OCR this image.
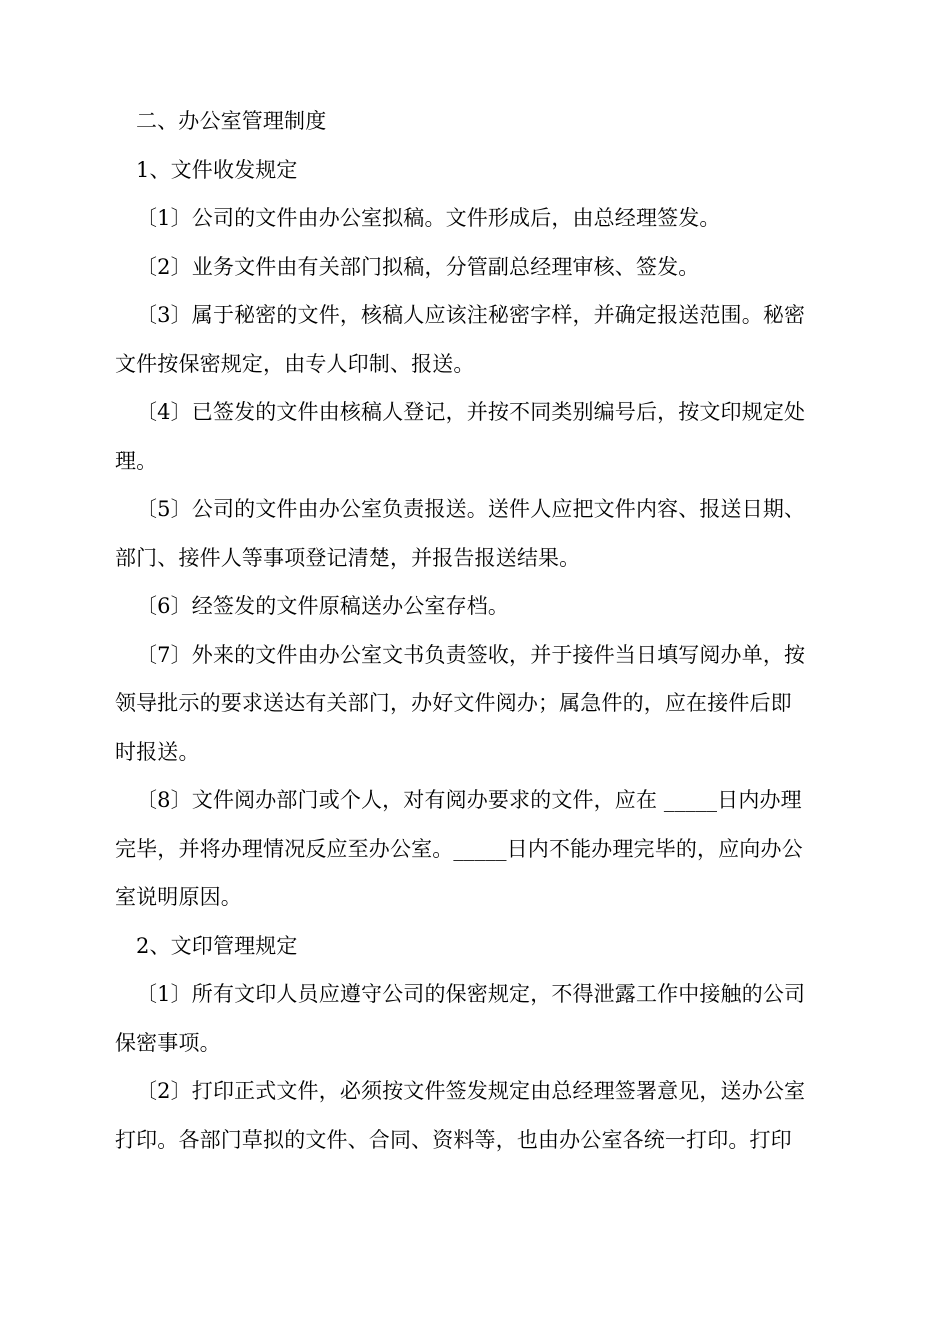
二、办公室管理制度
1、文件收发规定
〔1〕公司的文件由办公室拟稿。文件形成后，由总经理签发。
〔2〕业务文件由有关部门拟稿，分管副总经理审核、签发。
〔3〕属于秘密的文件，核稿人应该注秘密字样，并确定报送范围。秘密
文件按保密规定，由专人印制、报送。
〔4〕已签发的文件由核稿人登记，并按不同类别编号后，按文印规定处
理。
〔5〕公司的文件由办公室负责报送。送件人应把文件内容、报送日期、
部门、接件人等事项登记清楚，并报告报送结果。
〔6〕经签发的文件原稿送办公室存档。
〔7〕外来的文件由办公室文书负责签收，并于接件当日填写阅办单，按
领导批示的要求送达有关部门，办好文件阅办；属急件的，应在接件后即
时报送。
〔8〕文件阅办部门或个人，对有阅办要求的文件，应在 _____日内办理
完毕，并将办理情况反应至办公室。_____日内不能办理完毕的，应向办公
室说明原因。
2、文印管理规定
〔1〕所有文印人员应遵守公司的保密规定，不得泄露工作中接触的公司
保密事项。
〔2〕打印正式文件，必须按文件签发规定由总经理签署意见，送办公室
打印。各部门草拟的文件、合同、资料等，也由办公室各统一打印。打印
